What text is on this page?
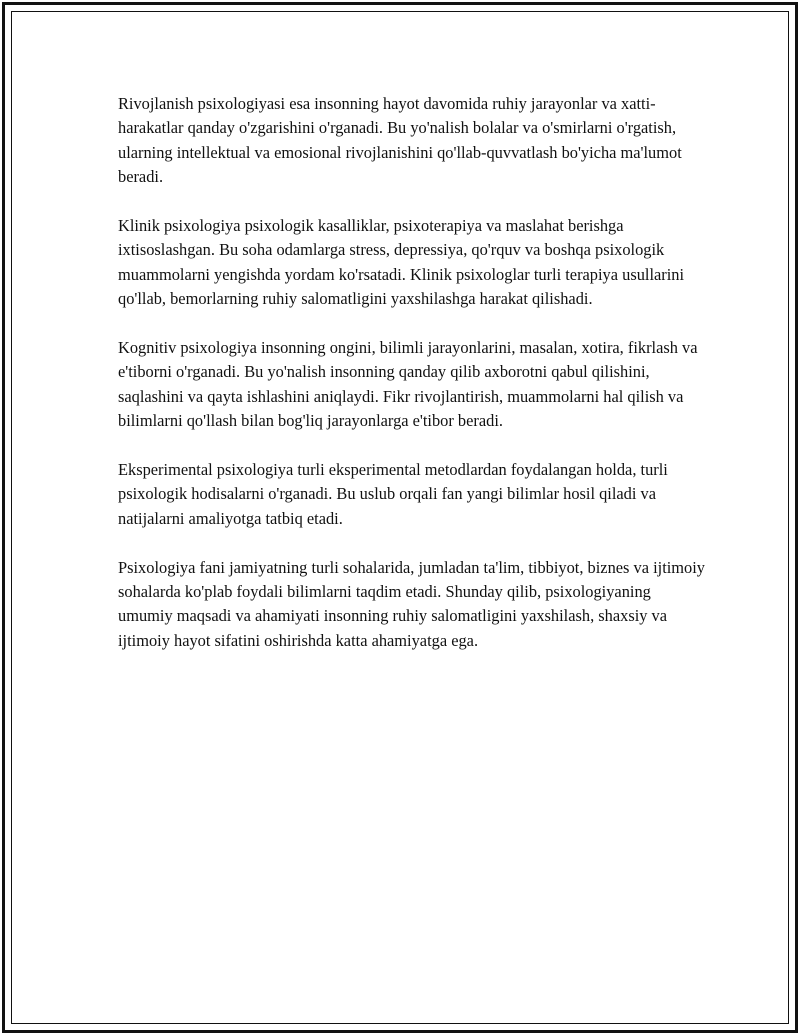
Rivojlanish psixologiyasi esa insonning hayot davomida ruhiy jarayonlar va xatti-harakatlar qanday o'zgarishini o'rganadi. Bu yo'nalish bolalar va o'smirlarni o'rgatish, ularning intellektual va emosional rivojlanishini qo'llab-quvvatlash bo'yicha ma'lumot beradi.

Klinik psixologiya psixologik kasalliklar, psixoterapiya va maslahat berishga ixtisoslashgan. Bu soha odamlarga stress, depressiya, qo'rquv va boshqa psixologik muammolarni yengishda yordam ko'rsatadi. Klinik psixologlar turli terapiya usullarini qo'llab, bemorlarning ruhiy salomatligini yaxshilashga harakat qilishadi.

Kognitiv psixologiya insonning ongini, bilimli jarayonlarini, masalan, xotira, fikrlash va e'tiborni o'rganadi. Bu yo'nalish insonning qanday qilib axborotni qabul qilishini, saqlashini va qayta ishlashini aniqlaydi. Fikr rivojlantirish, muammolarni hal qilish va bilimlarni qo'llash bilan bog'liq jarayonlarga e'tibor beradi.

Eksperimental psixologiya turli eksperimental metodlardan foydalangan holda, turli psixologik hodisalarni o'rganadi. Bu uslub orqali fan yangi bilimlar hosil qiladi va natijalarni amaliyotga tatbiq etadi.

Psixologiya fani jamiyatning turli sohalarida, jumladan ta'lim, tibbiyot, biznes va ijtimoiy sohalarda ko'plab foydali bilimlarni taqdim etadi. Shunday qilib, psixologiyaning umumiy maqsadi va ahamiyati insonning ruhiy salomatligini yaxshilash, shaxsiy va ijtimoiy hayot sifatini oshirishda katta ahamiyatga ega.
